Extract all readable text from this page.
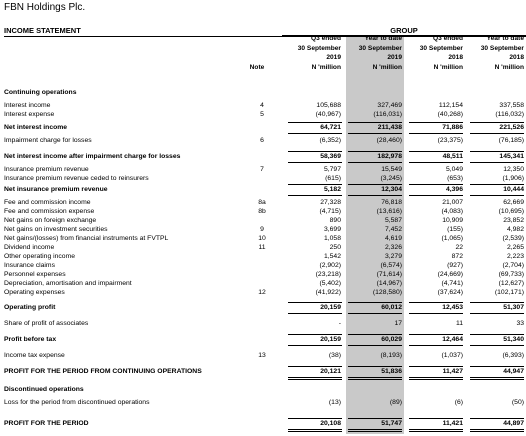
FBN Holdings Plc.
INCOME STATEMENT	GROUP
Q3 ended
30 September
2019
N 'million
Year to date
30 September
2019
N 'million
Q3 ended
30 September
2018
N 'million
Year to date
30 September
2018
N 'million
Note
Continuing operations
Interest income	4	105,688	327,469	112,154	337,558
Interest expense	5	(40,967)	(116,031)	(40,268)	(116,032)
Net interest income	64,721	211,438	71,886	221,526
Impairment charge for losses	6	(6,352)	(28,460)	(23,375)	(76,185)
Net interest income after impairment charge for losses	58,369	182,978	48,511	145,341
Insurance premium revenue	7	5,797	15,549	5,049	12,350
Insurance premium revenue ceded to reinsurers	(615)	(3,245)	(653)	(1,906)
Net insurance premium revenue	5,182	12,304	4,396	10,444
Fee and commission income	8a	27,328	76,818	21,007	62,669
Fee and commission expense	8b	(4,715)	(13,616)	(4,083)	(10,695)
Net gains on foreign exchange	890	5,587	10,909	23,852
Net gains on investment securities	9	3,699	7,452	(155)	4,982
Net gains/(losses) from financial instruments at FVTPL	10	1,058	4,619	(1,065)	(2,539)
Dividend income	11	250	2,326	22	2,265
Other operating income	1,542	3,279	872	2,223
Insurance claims	(2,902)	(6,574)	(927)	(2,704)
Personnel expenses	(23,218)	(71,614)	(24,669)	(69,733)
Depreciation, amortisation and impairment	(5,402)	(14,967)	(4,741)	(12,627)
Operating expenses	12	(41,922)	(128,580)	(37,624)	(102,171)
Operating profit	20,159	60,012	12,453	51,307
Share of profit of associates	-	17	11	33
Profit before tax	20,159	60,029	12,464	51,340
Income tax expense	13	(38)	(8,193)	(1,037)	(6,393)
PROFIT FOR THE PERIOD FROM CONTINUING OPERATIONS	20,121	51,836	11,427	44,947
Discontinued operations
Loss for the period from discontinued operations	(13)	(89)	(6)	(50)
PROFIT FOR THE PERIOD	20,108	51,747	11,421	44,897
